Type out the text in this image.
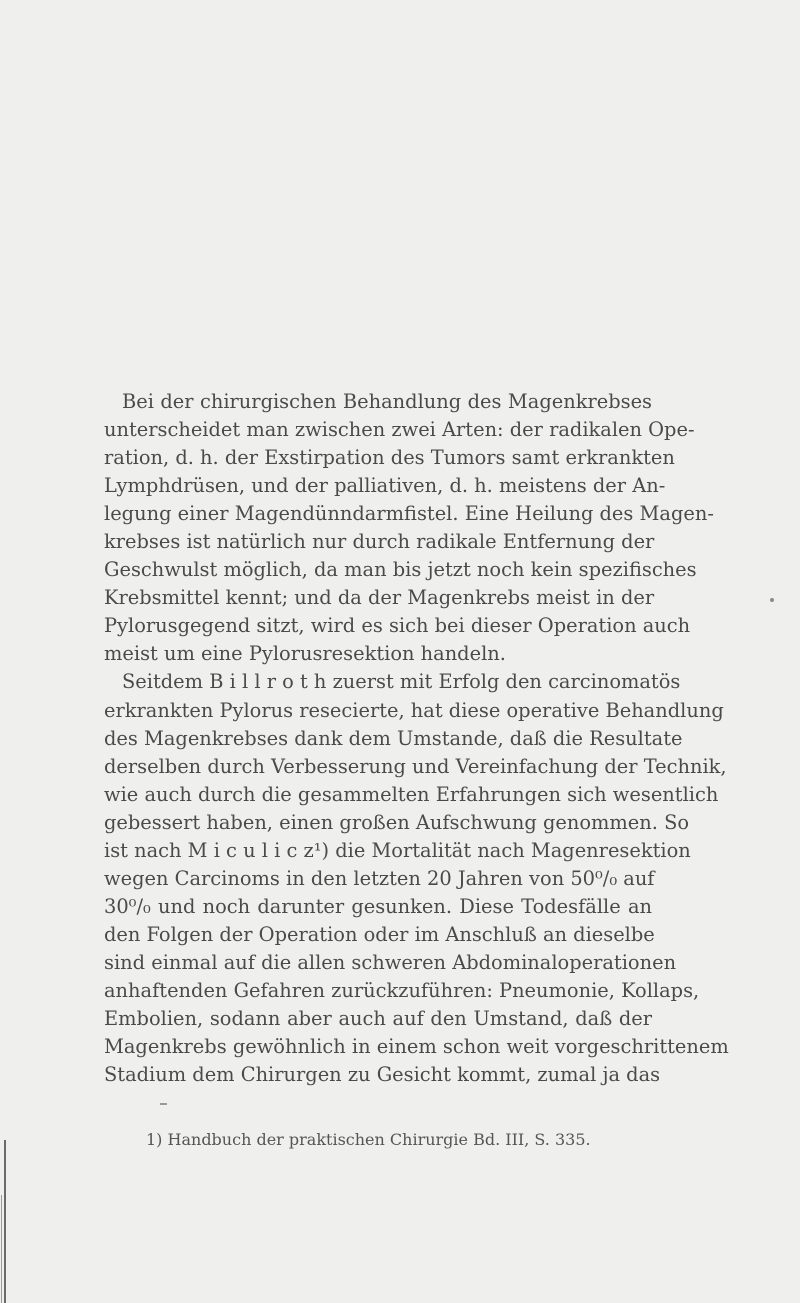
Bei der chirurgischen Behandlung des Magenkrebses
unterscheidet man zwischen zwei Arten: der radikalen Ope-
ration, d. h. der Exstirpation des Tumors samt erkrankten
Lymphdrüsen, und der palliativen, d. h. meistens der An-
legung einer Magendünndarmfistel. Eine Heilung des Magen-
krebses ist natürlich nur durch radikale Entfernung der
Geschwulst möglich, da man bis jetzt noch kein spezifisches
Krebsmittel kennt; und da der Magenkrebs meist in der
Pylorusgegend sitzt, wird es sich bei dieser Operation auch
meist um eine Pylorusresektion handeln.
Seitdem B i l l r o t h zuerst mit Erfolg den carcinomatös
erkrankten Pylorus resecierte, hat diese operative Behandlung
des Magenkrebses dank dem Umstande, daß die Resultate
derselben durch Verbesserung und Vereinfachung der Technik,
wie auch durch die gesammelten Erfahrungen sich wesentlich
gebessert haben, einen großen Aufschwung genommen. So
ist nach M i c u l i c z¹) die Mortalität nach Magenresektion
wegen Carcinoms in den letzten 20 Jahren von 50⁰/₀ auf
30⁰/₀ und noch darunter gesunken. Diese Todesfälle an
den Folgen der Operation oder im Anschluß an dieselbe
sind einmal auf die allen schweren Abdominaloperationen
anhaftenden Gefahren zurückzuführen: Pneumonie, Kollaps,
Embolien, sodann aber auch auf den Umstand, daß der
Magenkrebs gewöhnlich in einem schon weit vorgeschrittenem
Stadium dem Chirurgen zu Gesicht kommt, zumal ja das
1) Handbuch der praktischen Chirurgie Bd. III, S. 335.
